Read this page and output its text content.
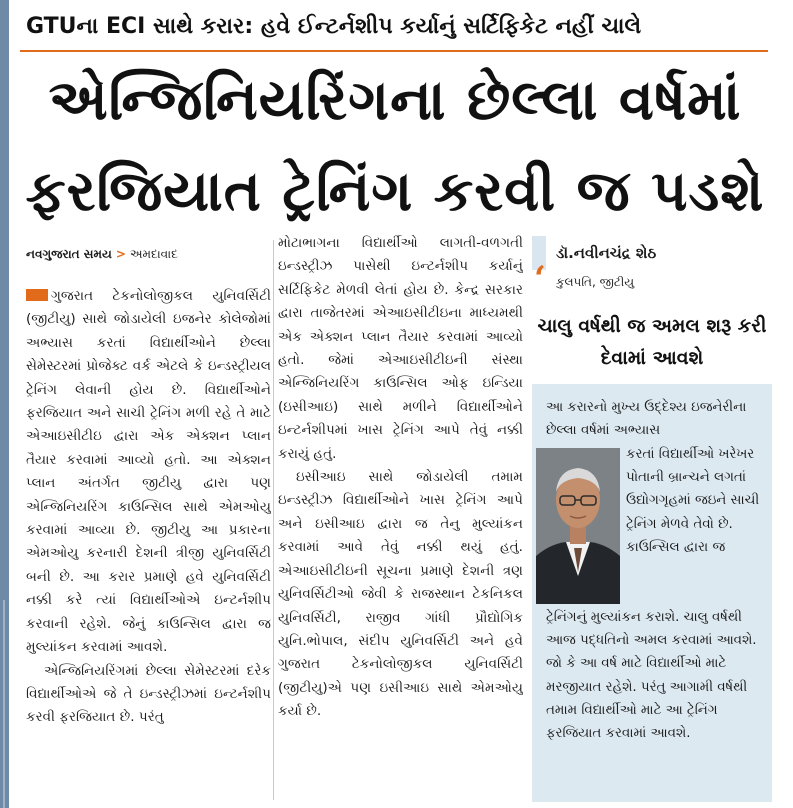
GTUના ECI સાથે કરાર: હવે ઈન્ટર્નશીપ કર્યાનું સર્ટિફિકેટ નહીં ચાલે
એન્જિનિયરિંગના છેલ્લા વર્ષમાં
ફરજિયાત ટ્રેનિંગ કરવી જ પડશે
નવગુજરાત સમય > અમદાવાદ

ગુજરાત ટેકનોલોજીકલ યુનિવર્સિટી (જીટીયુ) સાથે જોડાયેલી ઇજનેર કોલેજોમાં અભ્યાસ કરતાં વિદ્યાર્થીઓને છેલ્લા સેમેસ્ટરમાં પ્રોજેક્ટ વર્ક એટલે કે ઇન્ડસ્ટ્રીયલ ટ્રેનિંગ લેવાની હોય છે. વિદ્યાર્થીઓને ફરજિયાત અને સાચી ટ્રેનિંગ મળી રહે તે માટે એઆઇસીટીઇ દ્વારા એક એક્શન પ્લાન તૈયાર કરવામાં આવ્યો હતો. આ એક્શન પ્લાન અંતર્ગત જીટીયુ દ્વારા પણ એન્જિનિયરિંગ કાઉન્સિલ સાથે એમઓયુ કરવામાં આવ્યા છે. જીટીયુ આ પ્રકારના એમઓયુ કરનારી દેશની ત્રીજી યુનિવર્સિટી બની છે. આ કરાર પ્રમાણે હવે યુનિવર્સિટી નક્કી કરે ત્યાં વિદ્યાર્થીઓએ ઇન્ટર્નશીપ કરવાની રહેશે. જેનું કાઉન્સિલ દ્વારા જ મુલ્યાંકન કરવામાં આવશે.

એન્જિનિયરિંગમાં છેલ્લા સેમેસ્ટરમાં દરેક વિદ્યાર્થીઓએ જે તે ઇન્ડસ્ટ્રીઝમાં ઇન્ટર્નશીપ કરવી ફરજિયાત છે. પરંતુ

મોટાભાગના વિદ્યાર્થીઓ લાગતી-વળગતી ઇન્ડસ્ટ્રીઝ પાસેથી ઇન્ટર્નશીપ કર્યાનું સર્ટિફિકેટ મેળવી લેતાં હોય છે. કેન્દ્ર સરકાર દ્વારા તાજેતરમાં એઆઇસીટીઇના માધ્યમથી એક એક્શન પ્લાન તૈયાર કરવામાં આવ્યો હતો. જેમાં એઆઇસીટીઇની સંસ્થા એન્જિનિયરિંગ કાઉન્સિલ ઓફ ઇન્ડિયા (ઇસીઆઇ) સાથે મળીને વિદ્યાર્થીઓને ઇન્ટર્નશીપમાં ખાસ ટ્રેનિંગ આપે તેવું નક્કી કરાયું હતું.

ઇસીઆઇ સાથે જોડાયેલી તમામ ઇન્ડસ્ટ્રીઝ વિદ્યાર્થીઓને ખાસ ટ્રેનિંગ આપે અને ઇસીઆઇ દ્વારા જ તેનુ મુલ્યાંકન કરવામાં આવે તેવું નક્કી થયું હતું. એઆઇસીટીઇની સૂચના પ્રમાણે દેશની ત્રણ યુનિવર્સિટીઓ જેવી કે રાજસ્થાન ટેકનિકલ યુનિવર્સિટી, રાજીવ ગાંધી પ્રૌદ્યોગિક યુનિ.ભોપાલ, સંદીપ યુનિવર્સિટી અને હવે ગુજરાત ટેકનોલોજીકલ યુનિવર્સિટી (જીટીયુ)એ પણ ઇસીઆઇ સાથે એમઓયુ કર્યા છે.

‘
ડૉ.નવીનચંદ્ર શેઠ
કુલપતિ, જીટીયુ
ચાલુ વર્ષથી જ અમલ શરૂ કરી દેવામાં આવશે
આ કરારનો મુખ્ય ઉદ્દેશ્ય ઇજનેરીના છેલ્લા વર્ષમાં અભ્યાસ
કરતાં વિદ્યાર્થીઓ ખરેખર પોતાની બ્રાન્ચને લગતાં ઉદ્યોગગૃહમાં જઇને સાચી ટ્રેનિંગ મેળવે તેવો છે. કાઉન્સિલ દ્વારા જ
ટ્રેનિંગનું મુલ્યાંકન કરાશે. ચાલુ વર્ષથી આજ પદ્ધતિનો અમલ કરવામાં આવશે. જો કે આ વર્ષ માટે વિદ્યાર્થીઓ માટે મરજીયાત રહેશે. પરંતુ આગામી વર્ષથી તમામ વિદ્યાર્થીઓ માટે આ ટ્રેનિંગ ફરજિયાત કરવામાં આવશે.
